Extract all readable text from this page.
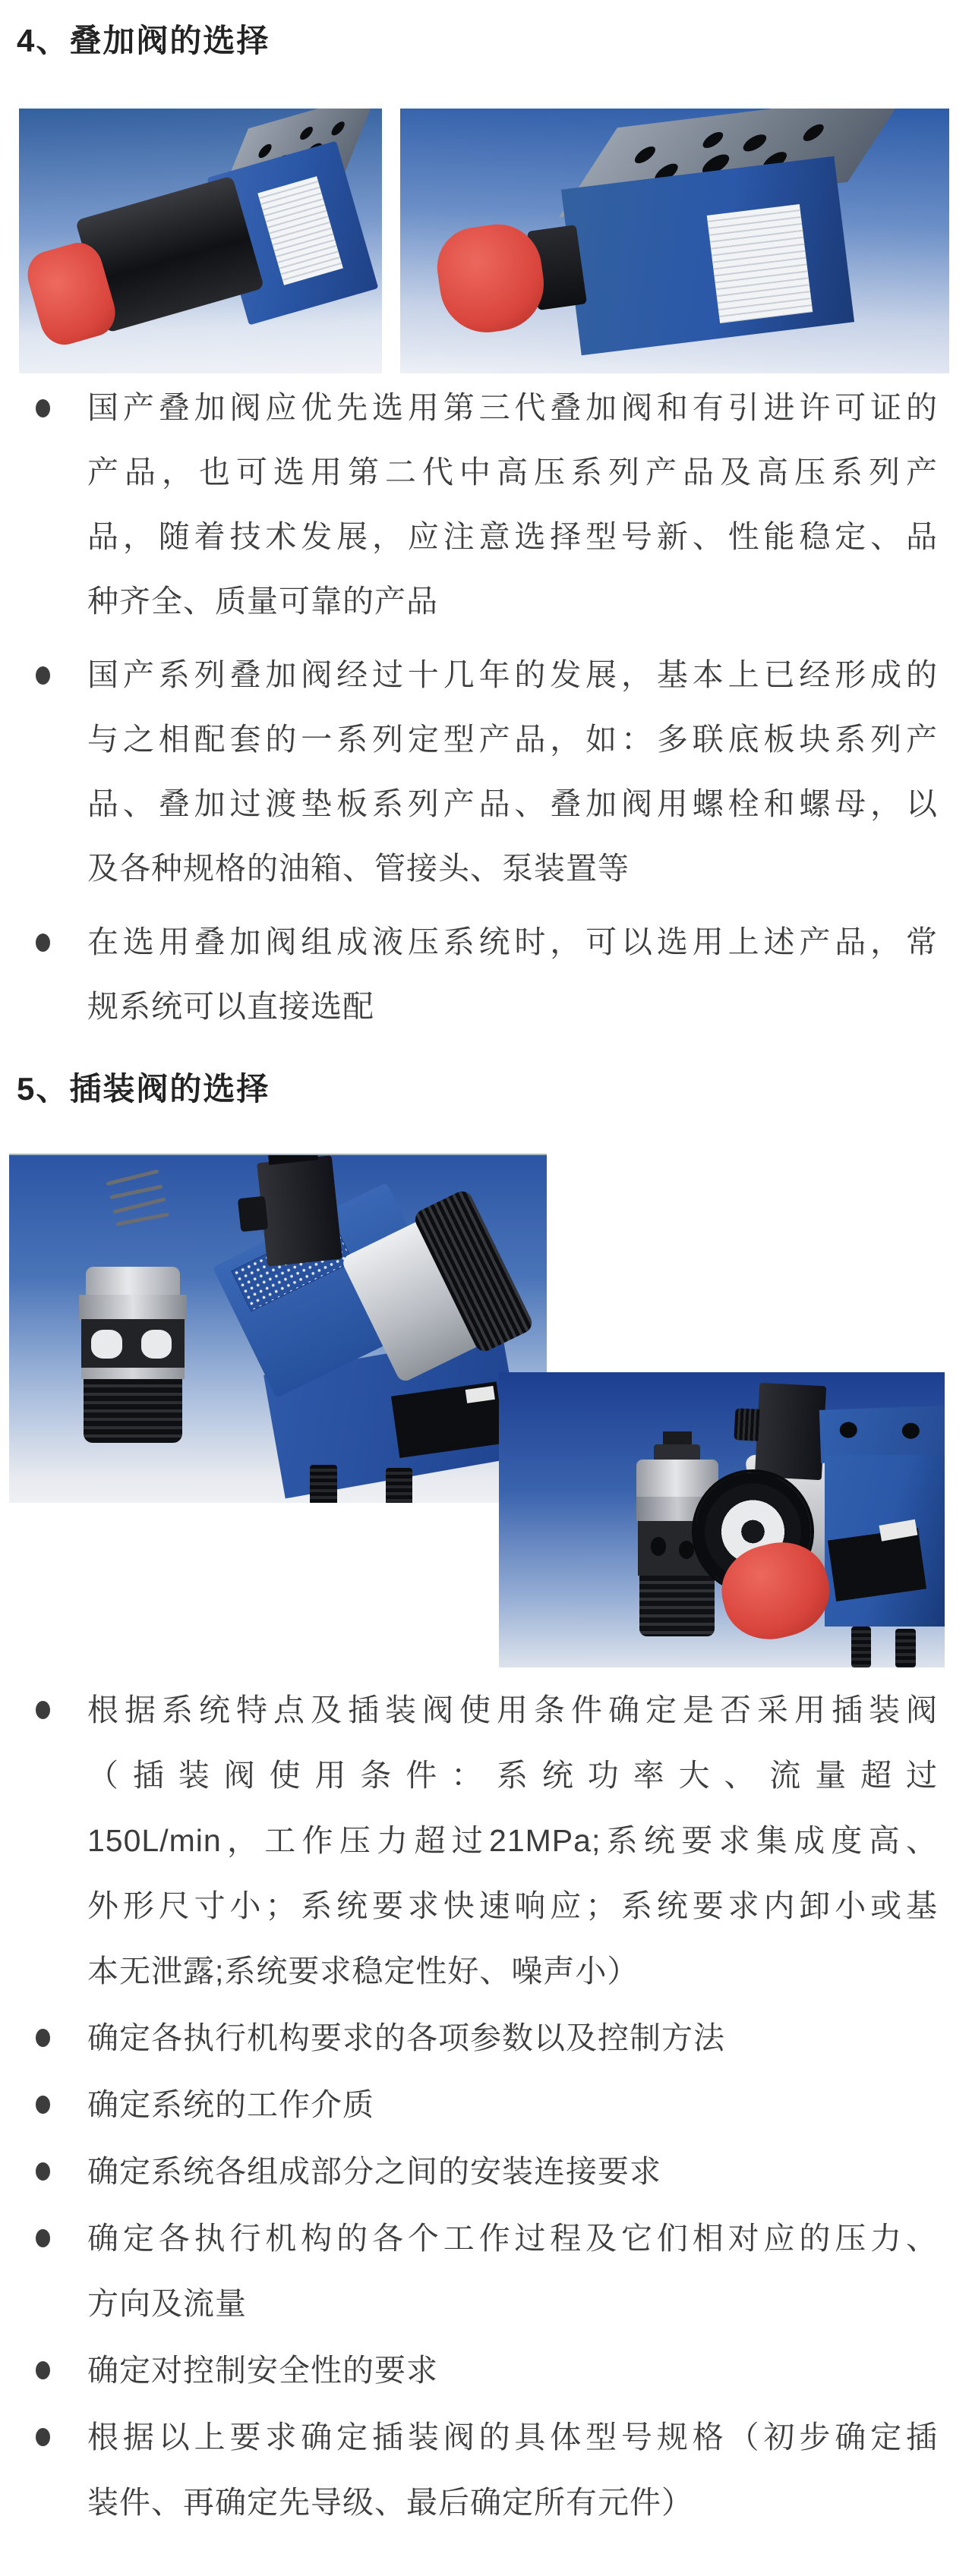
4、叠加阀的选择
国产叠加阀应优先选用第三代叠加阀和有引进许可证的
产品，也可选用第二代中高压系列产品及高压系列产
品，随着技术发展，应注意选择型号新、性能稳定、品
种齐全、质量可靠的产品
国产系列叠加阀经过十几年的发展，基本上已经形成的
与之相配套的一系列定型产品，如：多联底板块系列产
品、叠加过渡垫板系列产品、叠加阀用螺栓和螺母，以
及各种规格的油箱、管接头、泵装置等
在选用叠加阀组成液压系统时，可以选用上述产品，常
规系统可以直接选配
5、插装阀的选择
根据系统特点及插装阀使用条件确定是否采用插装阀
（插装阀使用条件：系统功率大、流量超过
150L/min，工作压力超过21MPa;系统要求集成度高、
外形尺寸小；系统要求快速响应；系统要求内卸小或基
本无泄露;系统要求稳定性好、噪声小）
确定各执行机构要求的各项参数以及控制方法
确定系统的工作介质
确定系统各组成部分之间的安装连接要求
确定各执行机构的各个工作过程及它们相对应的压力、
方向及流量
确定对控制安全性的要求
根据以上要求确定插装阀的具体型号规格（初步确定插
装件、再确定先导级、最后确定所有元件）
